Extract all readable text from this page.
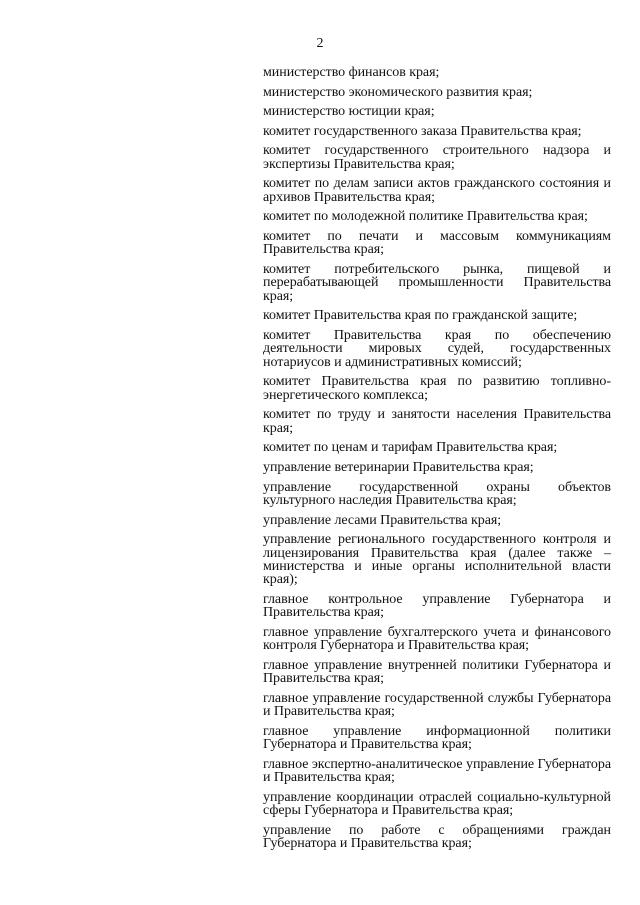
2
министерство финансов края;
министерство экономического развития края;
министерство юстиции края;
комитет государственного заказа Правительства края;
комитет государственного строительного надзора и экспертизы Правительства края;
комитет по делам записи актов гражданского состояния и архивов Правительства края;
комитет по молодежной политике Правительства края;
комитет по печати и массовым коммуникациям Правительства края;
комитет потребительского рынка, пищевой и перерабатывающей промышленности Правительства края;
комитет Правительства края по гражданской защите;
комитет Правительства края по обеспечению деятельности мировых судей, государственных нотариусов и административных комиссий;
комитет Правительства края по развитию топливно-энергетического комплекса;
комитет по труду и занятости населения Правительства края;
комитет по ценам и тарифам Правительства края;
управление ветеринарии Правительства края;
управление государственной охраны объектов культурного наследия Правительства края;
управление лесами Правительства края;
управление регионального государственного контроля и лицензирования Правительства края (далее также – министерства и иные органы исполнительной власти края);
главное контрольное управление Губернатора и Правительства края;
главное управление бухгалтерского учета и финансового контроля Губернатора и Правительства края;
главное управление внутренней политики Губернатора и Правительства края;
главное управление государственной службы Губернатора и Правительства края;
главное управление информационной политики Губернатора и Правительства края;
главное экспертно-аналитическое управление Губернатора и Правительства края;
управление координации отраслей социально-культурной сферы Губернатора и Правительства края;
управление по работе с обращениями граждан Губернатора и Правительства края;
